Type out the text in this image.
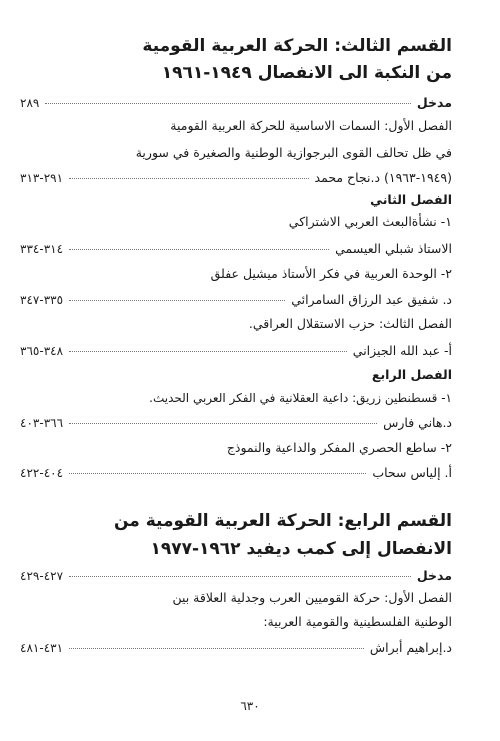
القسم الثالث: الحركة العربية القومية
من النكبة الى الانفصال ١٩٤٩-١٩٦١
مدخل
٢٨٩
الفصل الأول: السمات الاساسية للحركة العربية القومية
في ظل تحالف القوى البرجوازية الوطنية والصغيرة في سورية
(١٩٤٩-١٩٦٣) د.نجاح محمد
٢٩١-٣١٣
الفصل الثاني
١- نشأةالبعث العربي الاشتراكي
الاستاذ شبلي العيسمي
٣١٤-٣٣٤
٢- الوحدة العربية في فكر الأستاذ ميشيل عفلق
د. شفيق عبد الرزاق السامرائي
٣٣٥-٣٤٧
الفصل الثالث: حزب الاستقلال العراقي.
أ- عبد الله الجيزاني
٣٤٨-٣٦٥
الفصل الرابع
١- قسطنطين زريق: داعية العقلانية في الفكر العربي الحديث.
د.هاني فارس
٣٦٦-٤٠٣
٢- ساطع الحصري المفكر والداعية والنموذج
أ. إلياس سحاب
٤٠٤-٤٢٢
القسم الرابع: الحركة العربية القومية من
الانفصال إلى كمب ديفيد ١٩٦٢-١٩٧٧
مدخل
٤٢٧-٤٢٩
الفصل الأول: حركة القوميين العرب وجدلية العلاقة بين
الوطنية الفلسطينية والقومية العربية:
د.إبراهيم أبراش
٤٣١-٤٨١
٦٣٠
